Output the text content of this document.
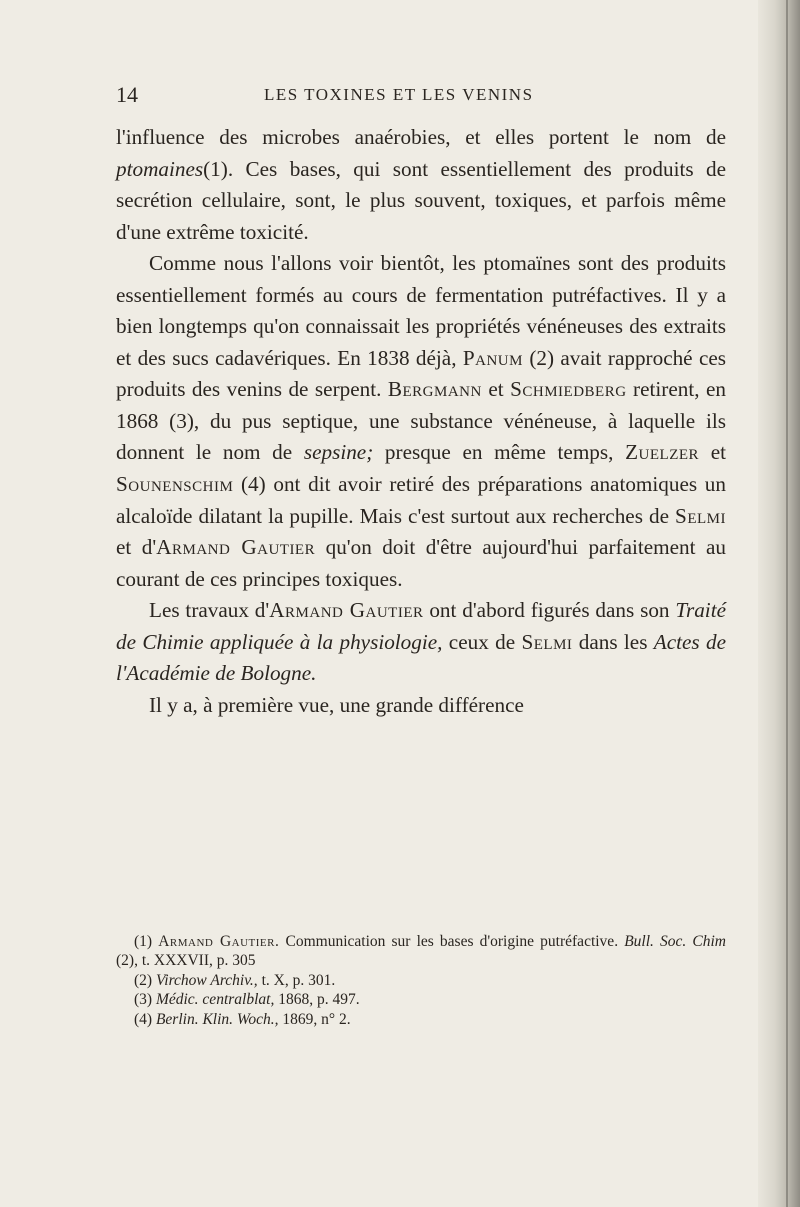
14	LES TOXINES ET LES VENINS

l'influence des microbes anaérobies, et elles portent le nom de ptomaines(1). Ces bases, qui sont essentiellement des produits de secrétion cellulaire, sont, le plus souvent, toxiques, et parfois même d'une extrême toxicité.

Comme nous l'allons voir bientôt, les ptomaïnes sont des produits essentiellement formés au cours de fermentation putréfactives. Il y a bien longtemps qu'on connaissait les propriétés vénéneuses des extraits et des sucs cadavériques. En 1838 déjà, Panum (2) avait rapproché ces produits des venins de serpent. Bergmann et Schmiedberg retirent, en 1868 (3), du pus septique, une substance vénéneuse, à laquelle ils donnent le nom de sepsine; presque en même temps, Zuelzer et Sounenschim (4) ont dit avoir retiré des préparations anatomiques un alcaloïde dilatant la pupille. Mais c'est surtout aux recherches de Selmi et d'Armand Gautier qu'on doit d'être aujourd'hui parfaitement au courant de ces principes toxiques.

Les travaux d'Armand Gautier ont d'abord figurés dans son Traité de Chimie appliquée à la physiologie, ceux de Selmi dans les Actes de l'Académie de Bologne.

Il y a, à première vue, une grande différence

(1) Armand Gautier. Communication sur les bases d'origine putréfactive. Bull. Soc. Chim (2), t. XXXVII, p. 305

(2) Virchow Archiv., t. X, p. 301.

(3) Médic. centralblat, 1868, p. 497.

(4) Berlin. Klin. Woch., 1869, n° 2.
